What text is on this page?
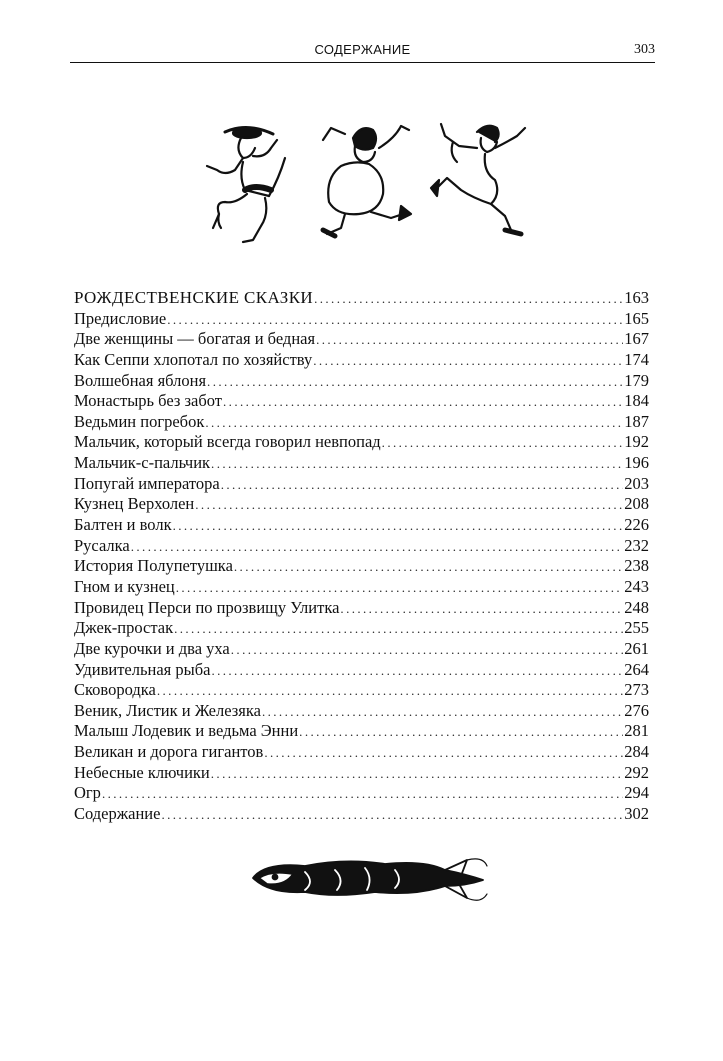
СОДЕРЖАНИЕ	303
РОЖДЕСТВЕНСКИЕ СКАЗКИ .....	163
Предисловие .....	165
Две женщины — богатая и бедная .....	167
Как Сеппи хлопотал по хозяйству .....	174
Волшебная яблоня .....	179
Монастырь без забот .....	184
Ведьмин погребок .....	187
Мальчик, который всегда говорил невпопад .....	192
Мальчик-с-пальчик .....	196
Попугай императора .....	203
Кузнец Верхолен .....	208
Балтен и волк .....	226
Русалка .....	232
История Полупетушка .....	238
Гном и кузнец .....	243
Провидец Перси по прозвищу Улитка .....	248
Джек-простак .....	255
Две курочки и два уха .....	261
Удивительная рыба .....	264
Сковородка .....	273
Веник, Листик и Железяка .....	276
Малыш Лодевик и ведьма Энни .....	281
Великан и дорога гигантов .....	284
Небесные ключики .....	292
Огр .....	294
Содержание .....	302
